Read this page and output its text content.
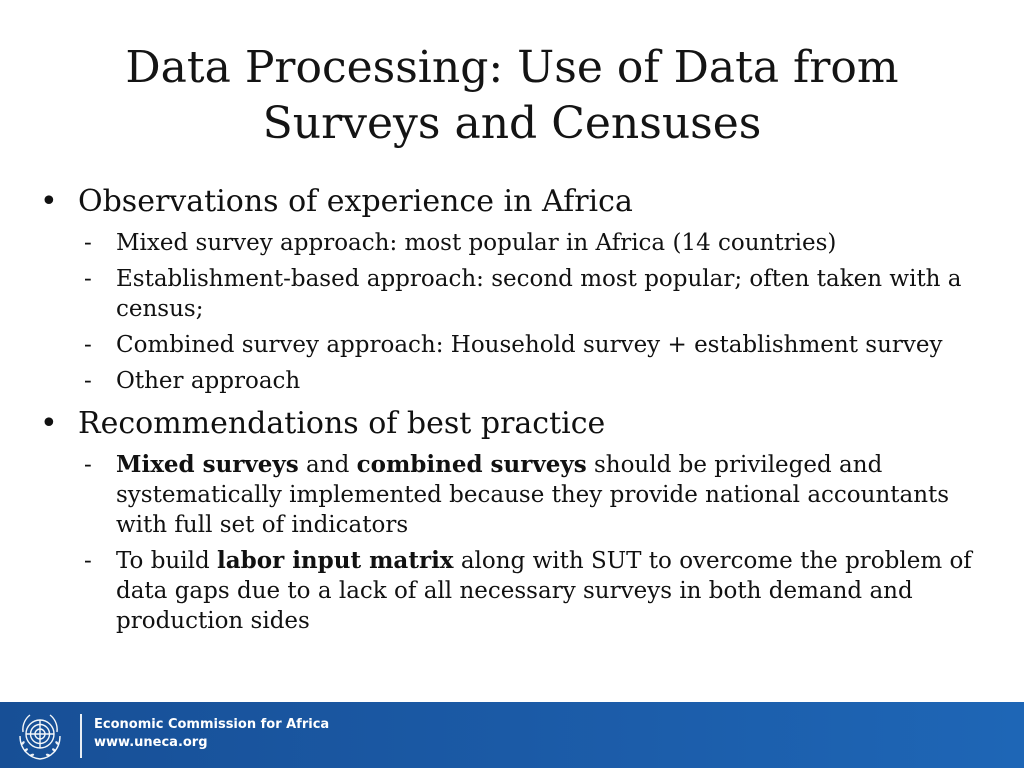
Data Processing: Use of Data from
Surveys and Censuses
• Observations of experience in Africa
- Mixed survey approach: most popular in Africa (14 countries)
- Establishment-based approach: second most popular; often taken with a census;
- Combined survey approach: Household survey + establishment survey
- Other approach
• Recommendations of best practice
- Mixed surveys and combined surveys should be privileged and systematically implemented because they provide national accountants with full set of indicators
- To build labor input matrix along with SUT to overcome the problem of data gaps due to a lack of all necessary surveys in both demand and production sides
Economic Commission for Africa
www.uneca.org
